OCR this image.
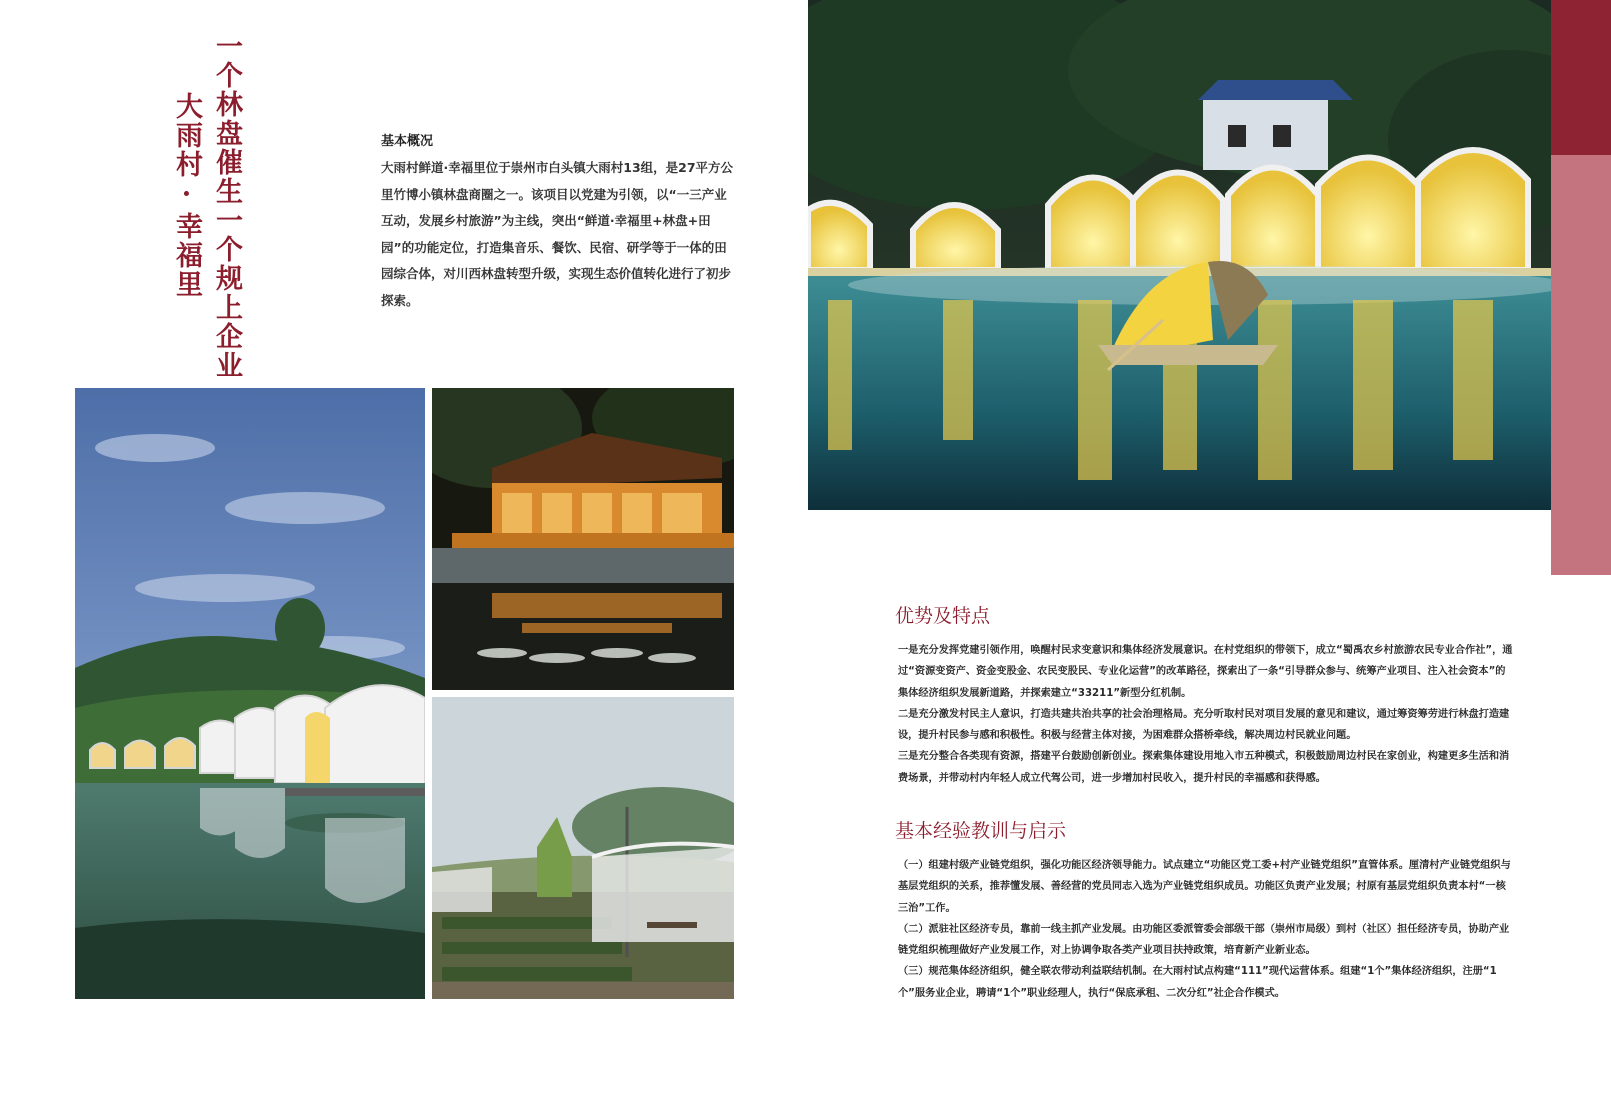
一个林盘催生一个规上企业
大雨村·幸福里	基本概况

大雨村鲜道·幸福里位于崇州市白头镇大雨村13组，是27平方公里竹博小镇林盘商圈之一。该项目以党建为引领，以“一三产业互动，发展乡村旅游”为主线，突出“鲜道·幸福里+林盘+田园”的功能定位，打造集音乐、餐饮、民宿、研学等于一体的田园综合体，对川西林盘转型升级，实现生态价值转化进行了初步探索。

优势及特点

一是充分发挥党建引领作用，唤醒村民求变意识和集体经济发展意识。在村党组织的带领下，成立“蜀禹农乡村旅游农民专业合作社”，通过“资源变资产、资金变股金、农民变股民、专业化运营”的改革路径，探索出了一条“引导群众参与、统筹产业项目、注入社会资本”的集体经济组织发展新道路，并探索建立“33211”新型分红机制。

二是充分激发村民主人意识，打造共建共治共享的社会治理格局。充分听取村民对项目发展的意见和建议，通过筹资筹劳进行林盘打造建设，提升村民参与感和积极性。积极与经营主体对接，为困难群众搭桥牵线，解决周边村民就业问题。

三是充分整合各类现有资源，搭建平台鼓励创新创业。探索集体建设用地入市五种模式，积极鼓励周边村民在家创业，构建更多生活和消费场景，并带动村内年轻人成立代驾公司，进一步增加村民收入，提升村民的幸福感和获得感。

基本经验教训与启示

（一）组建村级产业链党组织，强化功能区经济领导能力。试点建立“功能区党工委+村产业链党组织”直管体系。厘清村产业链党组织与基层党组织的关系，推荐懂发展、善经营的党员同志入选为产业链党组织成员。功能区负责产业发展；村原有基层党组织负责本村“一核三治”工作。

（二）派驻社区经济专员，靠前一线主抓产业发展。由功能区委派管委会部级干部（崇州市局级）到村（社区）担任经济专员，协助产业链党组织梳理做好产业发展工作，对上协调争取各类产业项目扶持政策，培育新产业新业态。

（三）规范集体经济组织，健全联农带动利益联结机制。在大雨村试点构建“111”现代运营体系。组建“1个”集体经济组织，注册“1个”服务业企业，聘请“1个”职业经理人，执行“保底承租、二次分红”社企合作模式。
